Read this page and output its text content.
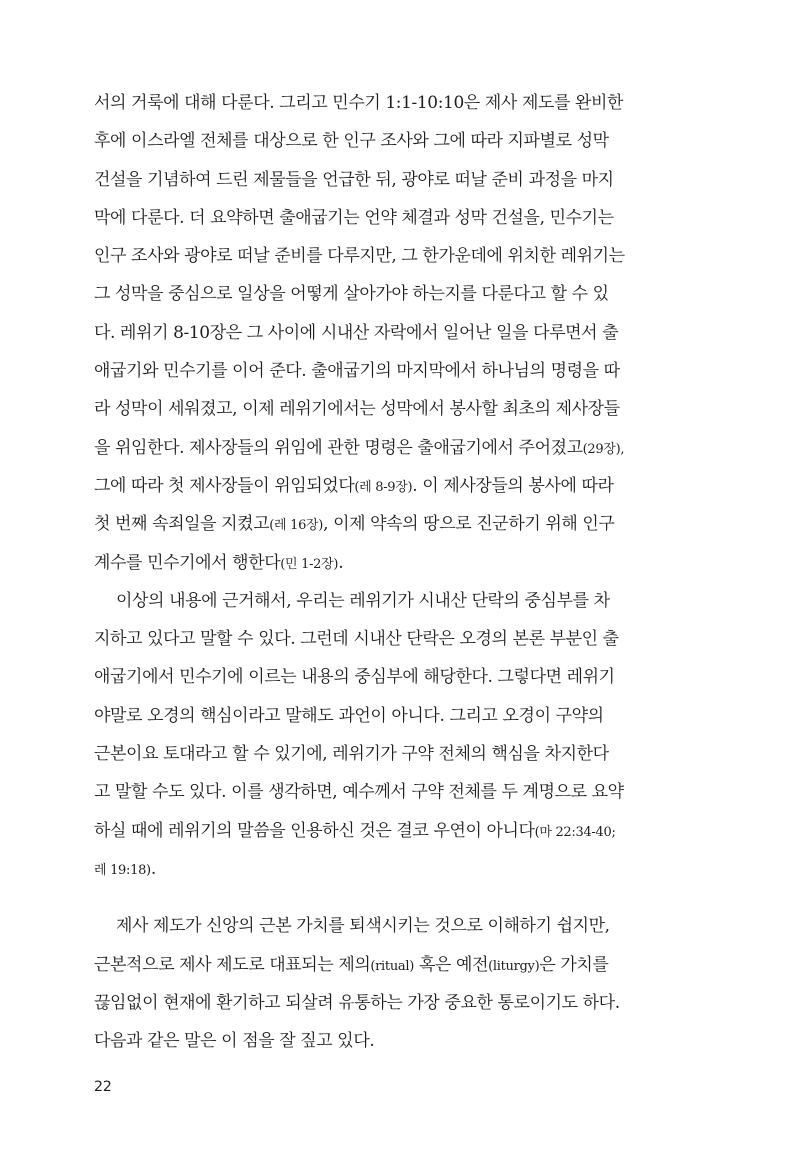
서의 거룩에 대해 다룬다. 그리고 민수기 1:1-10:10은 제사 제도를 완비한
후에 이스라엘 전체를 대상으로 한 인구 조사와 그에 따라 지파별로 성막
건설을 기념하여 드린 제물들을 언급한 뒤, 광야로 떠날 준비 과정을 마지
막에 다룬다. 더 요약하면 출애굽기는 언약 체결과 성막 건설을, 민수기는
인구 조사와 광야로 떠날 준비를 다루지만, 그 한가운데에 위치한 레위기는
그 성막을 중심으로 일상을 어떻게 살아가야 하는지를 다룬다고 할 수 있
다. 레위기 8-10장은 그 사이에 시내산 자락에서 일어난 일을 다루면서 출
애굽기와 민수기를 이어 준다. 출애굽기의 마지막에서 하나님의 명령을 따
라 성막이 세워졌고, 이제 레위기에서는 성막에서 봉사할 최초의 제사장들
을 위임한다. 제사장들의 위임에 관한 명령은 출애굽기에서 주어졌고(29장),
그에 따라 첫 제사장들이 위임되었다(레 8-9장). 이 제사장들의 봉사에 따라
첫 번째 속죄일을 지켰고(레 16장), 이제 약속의 땅으로 진군하기 위해 인구
계수를 민수기에서 행한다(민 1-2장).
이상의 내용에 근거해서, 우리는 레위기가 시내산 단락의 중심부를 차
지하고 있다고 말할 수 있다. 그런데 시내산 단락은 오경의 본론 부분인 출
애굽기에서 민수기에 이르는 내용의 중심부에 해당한다. 그렇다면 레위기
야말로 오경의 핵심이라고 말해도 과언이 아니다. 그리고 오경이 구약의
근본이요 토대라고 할 수 있기에, 레위기가 구약 전체의 핵심을 차지한다
고 말할 수도 있다. 이를 생각하면, 예수께서 구약 전체를 두 계명으로 요약
하실 때에 레위기의 말씀을 인용하신 것은 결코 우연이 아니다(마 22:34-40;
레 19:18).
제사 제도가 신앙의 근본 가치를 퇴색시키는 것으로 이해하기 쉽지만,
근본적으로 제사 제도로 대표되는 제의(ritual) 혹은 예전(liturgy)은 가치를
끊임없이 현재에 환기하고 되살려 유통하는 가장 중요한 통로이기도 하다.
다음과 같은 말은 이 점을 잘 짚고 있다.
22
